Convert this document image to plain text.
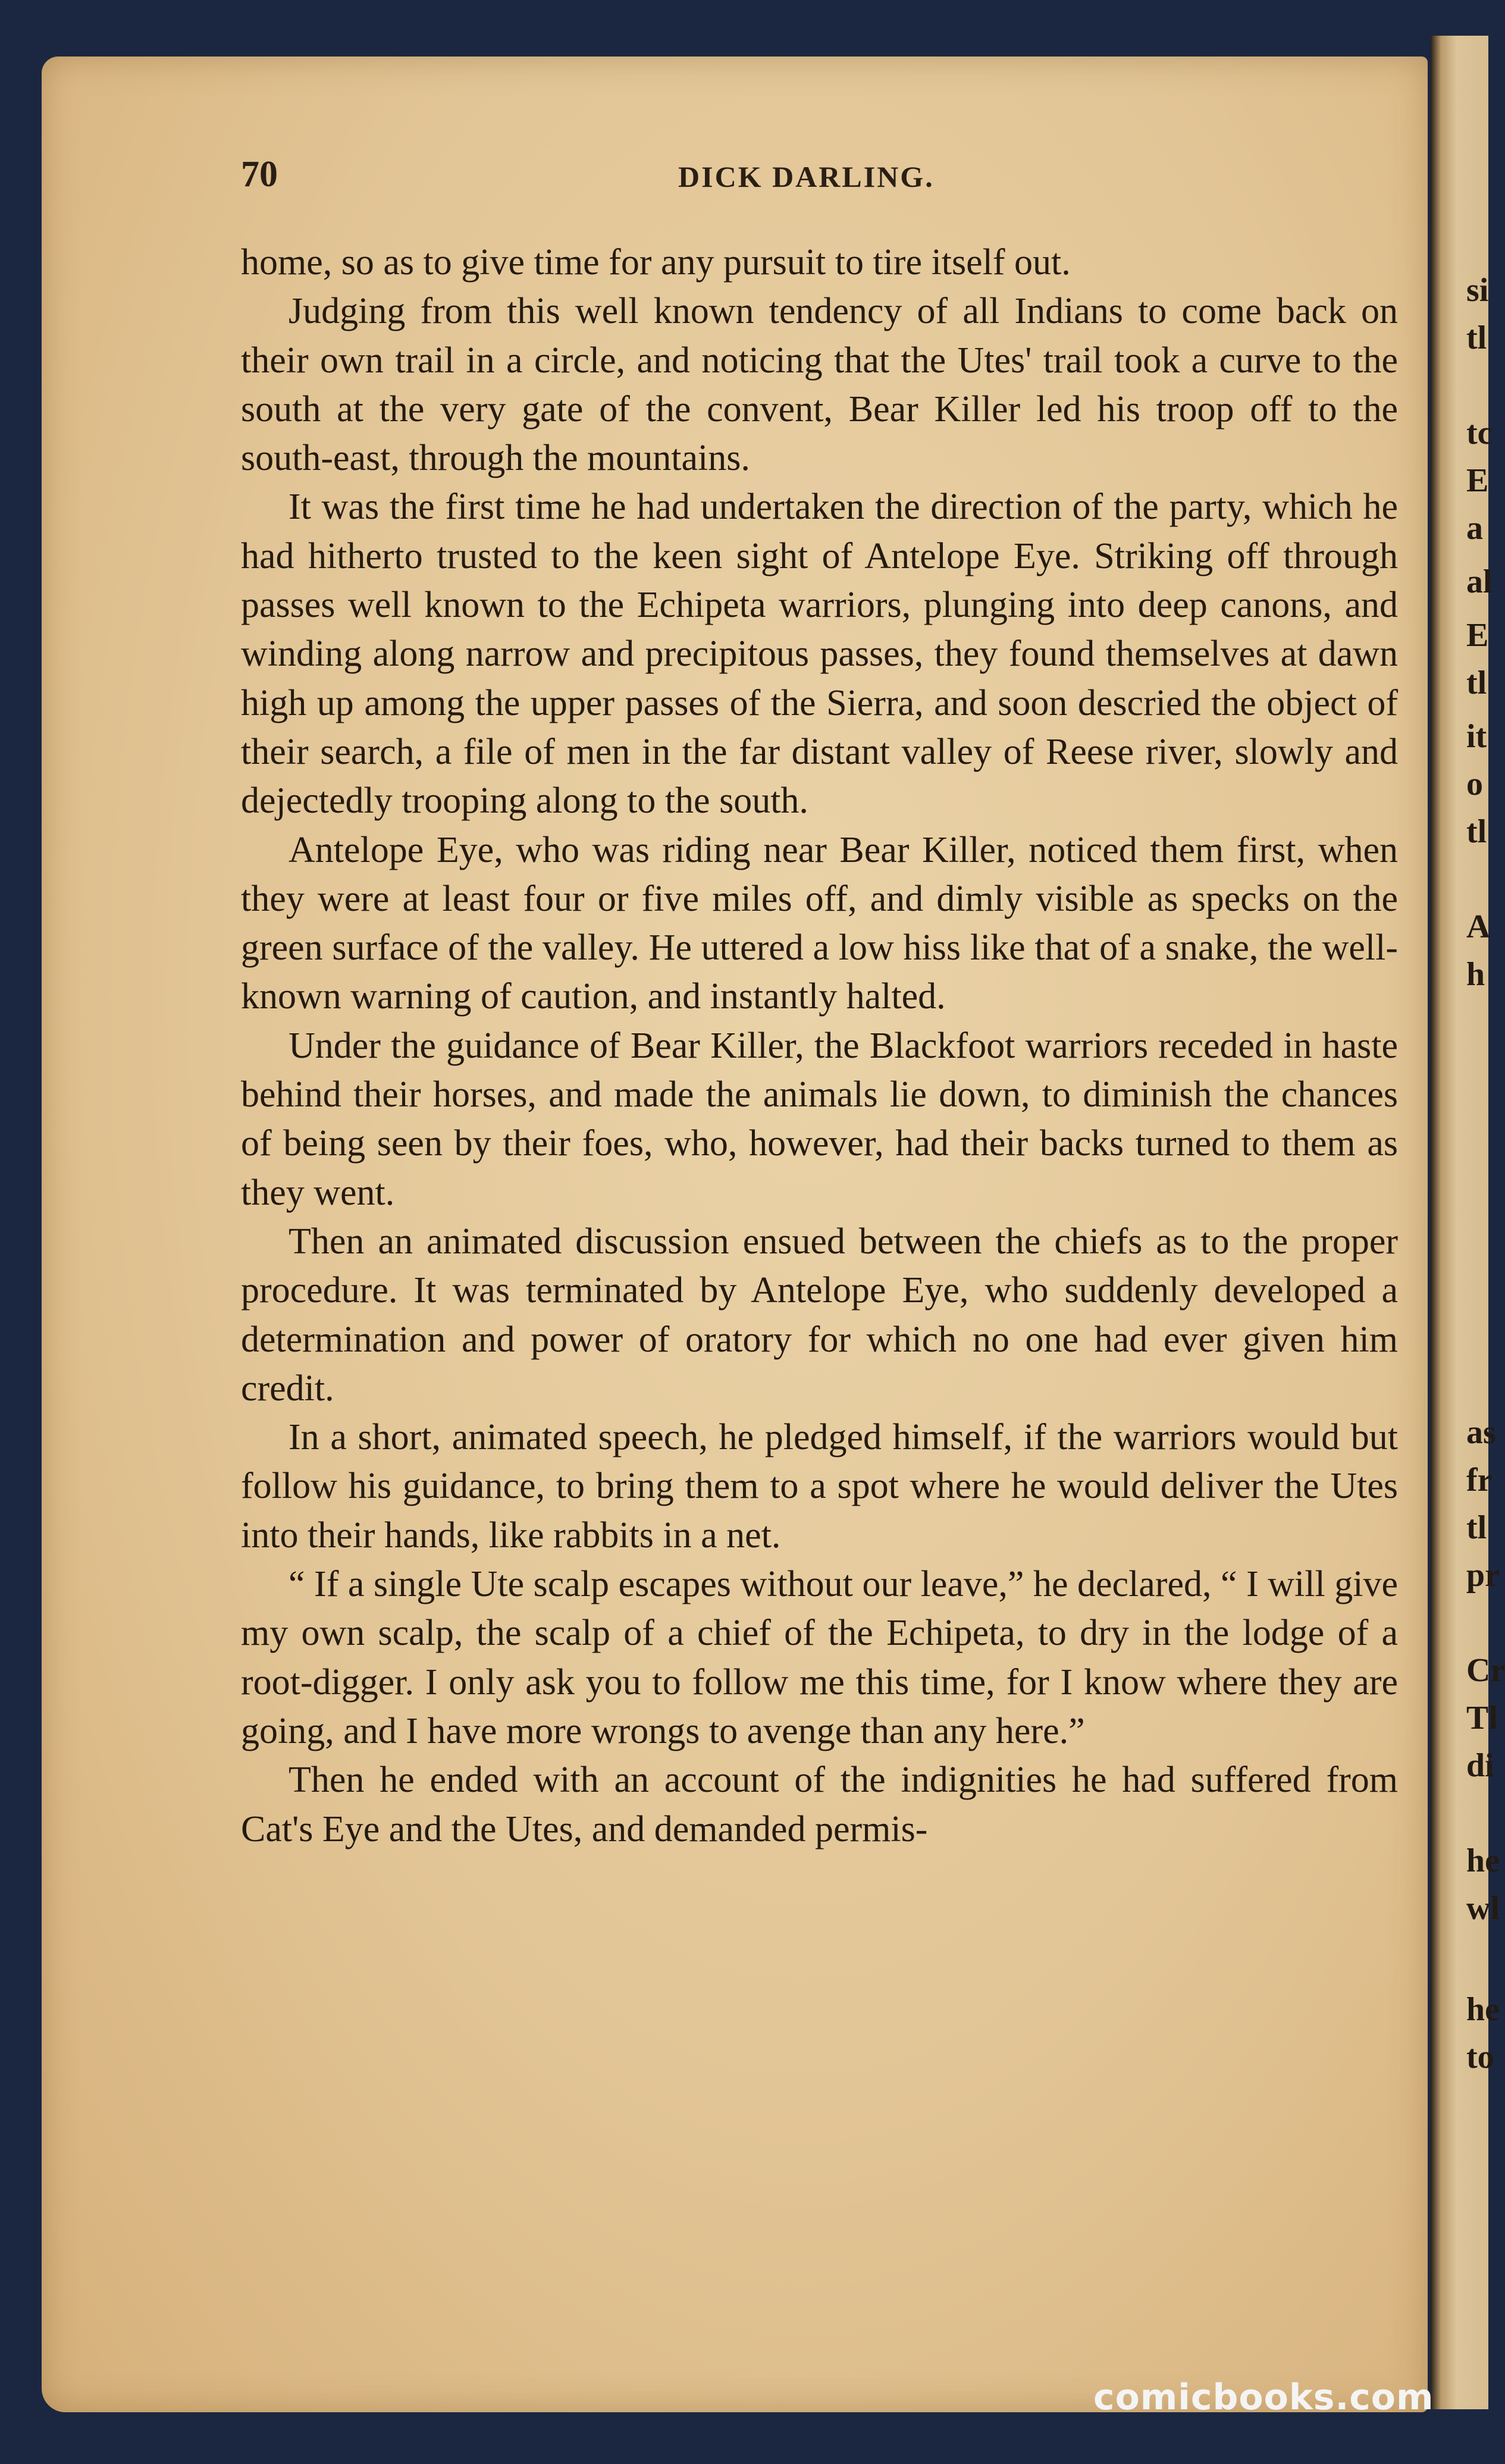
si
tl
tc
E
a
al
E
tl
it
o
tl
A
h
as
fr
tl
pr
Cr
Tl
di
he
wl
he
to
70	DICK DARLING.

home, so as to give time for any pursuit to tire itself out.

Judging from this well known tendency of all Indians to come back on their own trail in a circle, and noticing that the Utes' trail took a curve to the south at the very gate of the convent, Bear Killer led his troop off to the south-east, through the mountains.

It was the first time he had undertaken the direction of the party, which he had hitherto trusted to the keen sight of Antelope Eye. Striking off through passes well known to the Echipeta warriors, plunging into deep canons, and winding along narrow and precipitous passes, they found themselves at dawn high up among the upper passes of the Sierra, and soon descried the object of their search, a file of men in the far distant valley of Reese river, slowly and dejectedly trooping along to the south.

Antelope Eye, who was riding near Bear Killer, noticed them first, when they were at least four or five miles off, and dimly visible as specks on the green surface of the valley. He uttered a low hiss like that of a snake, the well-known warning of caution, and instantly halted.

Under the guidance of Bear Killer, the Blackfoot warriors receded in haste behind their horses, and made the animals lie down, to diminish the chances of being seen by their foes, who, however, had their backs turned to them as they went.

Then an animated discussion ensued between the chiefs as to the proper procedure. It was terminated by Antelope Eye, who suddenly developed a determination and power of oratory for which no one had ever given him credit.

In a short, animated speech, he pledged himself, if the warriors would but follow his guidance, to bring them to a spot where he would deliver the Utes into their hands, like rabbits in a net.

“ If a single Ute scalp escapes without our leave,” he declared, “ I will give my own scalp, the scalp of a chief of the Echipeta, to dry in the lodge of a root-digger. I only ask you to follow me this time, for I know where they are going, and I have more wrongs to avenge than any here.”

Then he ended with an account of the indignities he had suffered from Cat's Eye and the Utes, and demanded permis-

comicbooks.com
